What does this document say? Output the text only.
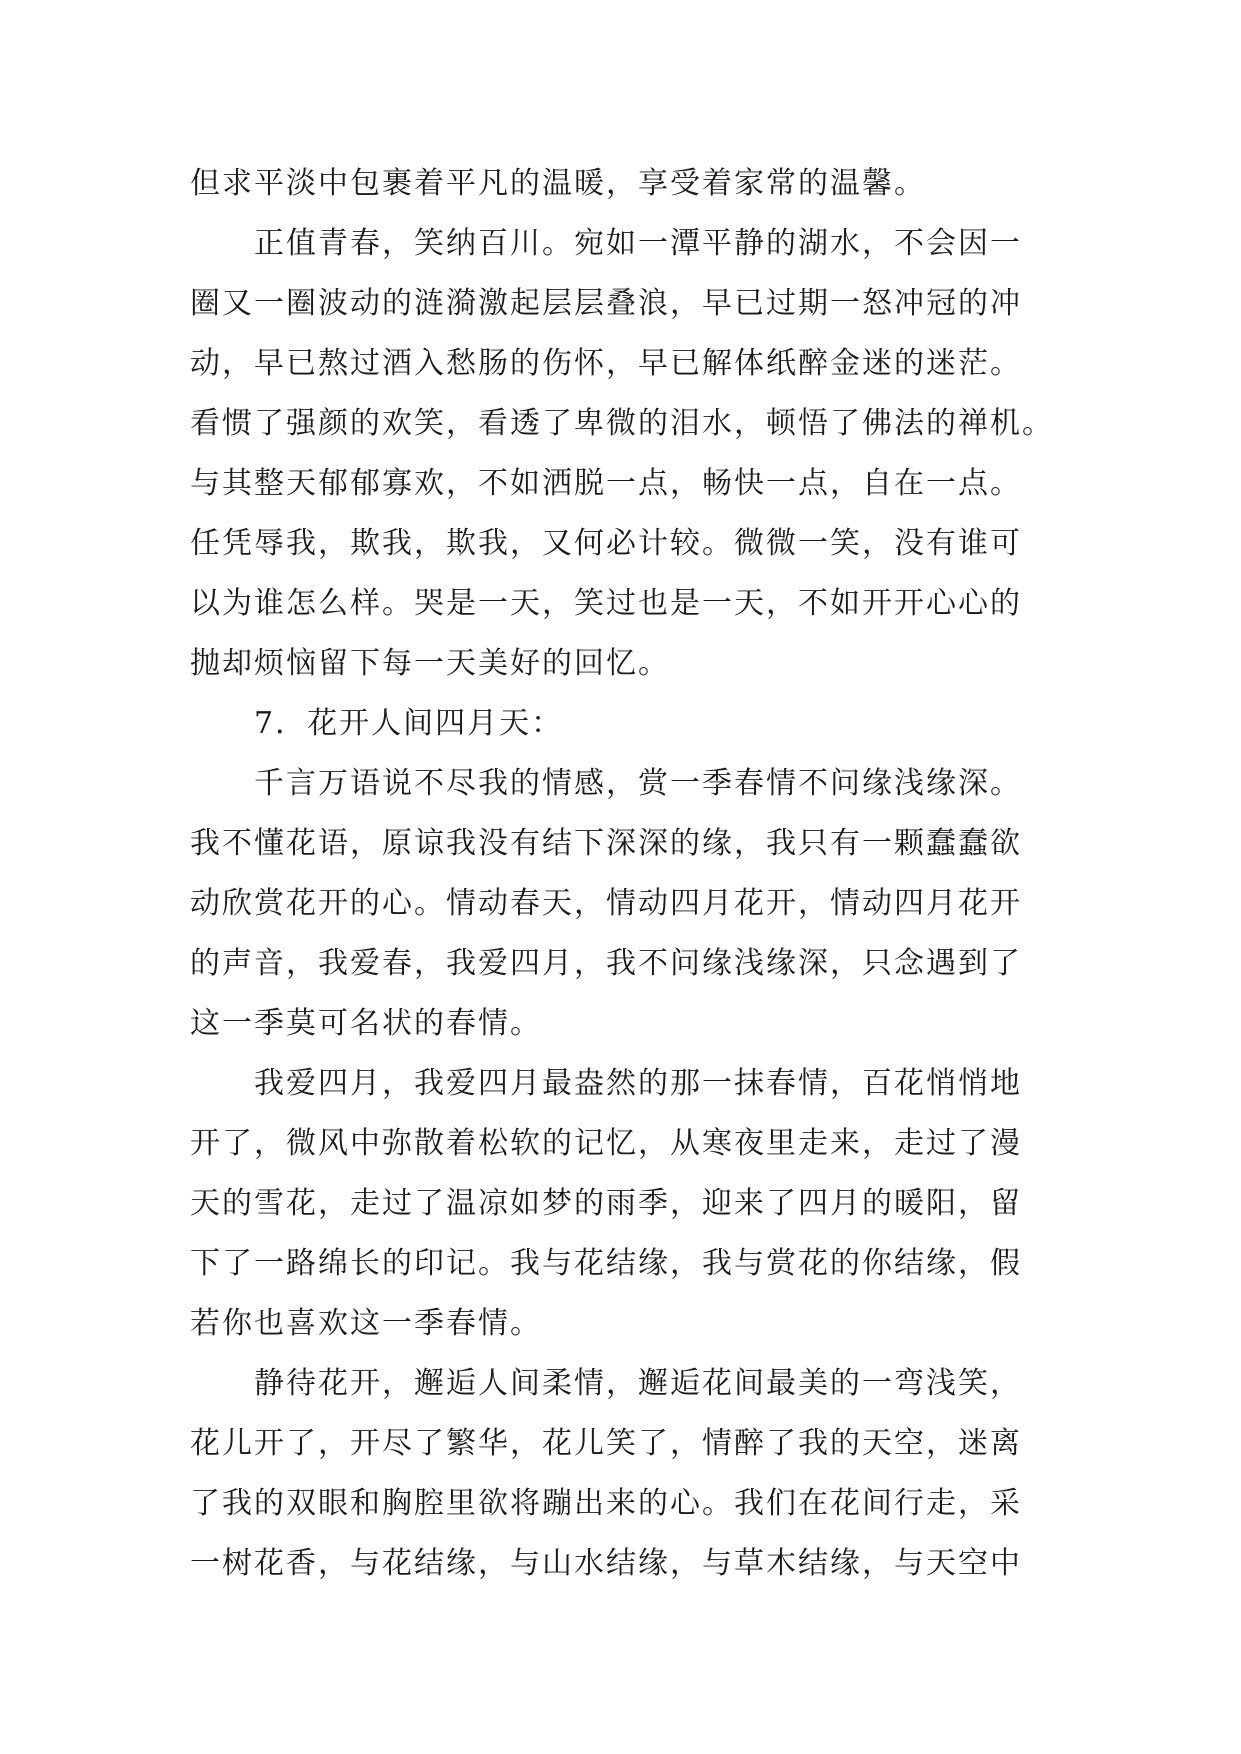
但求平淡中包裹着平凡的温暖，享受着家常的温馨。
正值青春，笑纳百川。宛如一潭平静的湖水，不会因一
圈又一圈波动的涟漪激起层层叠浪，早已过期一怒冲冠的冲
动，早已熬过酒入愁肠的伤怀，早已解体纸醉金迷的迷茫。
看惯了强颜的欢笑，看透了卑微的泪水，顿悟了佛法的禅机。
与其整天郁郁寡欢，不如洒脱一点，畅快一点，自在一点。
任凭辱我，欺我，欺我，又何必计较。微微一笑，没有谁可
以为谁怎么样。哭是一天，笑过也是一天，不如开开心心的
抛却烦恼留下每一天美好的回忆。
7．花开人间四月天：
千言万语说不尽我的情感，赏一季春情不问缘浅缘深。
我不懂花语，原谅我没有结下深深的缘，我只有一颗蠢蠢欲
动欣赏花开的心。情动春天，情动四月花开，情动四月花开
的声音，我爱春，我爱四月，我不问缘浅缘深，只念遇到了
这一季莫可名状的春情。
我爱四月，我爱四月最盎然的那一抹春情，百花悄悄地
开了，微风中弥散着松软的记忆，从寒夜里走来，走过了漫
天的雪花，走过了温凉如梦的雨季，迎来了四月的暖阳，留
下了一路绵长的印记。我与花结缘，我与赏花的你结缘，假
若你也喜欢这一季春情。
静待花开，邂逅人间柔情，邂逅花间最美的一弯浅笑，
花儿开了，开尽了繁华，花儿笑了，情醉了我的天空，迷离
了我的双眼和胸腔里欲将蹦出来的心。我们在花间行走，采
一树花香，与花结缘，与山水结缘，与草木结缘，与天空中
